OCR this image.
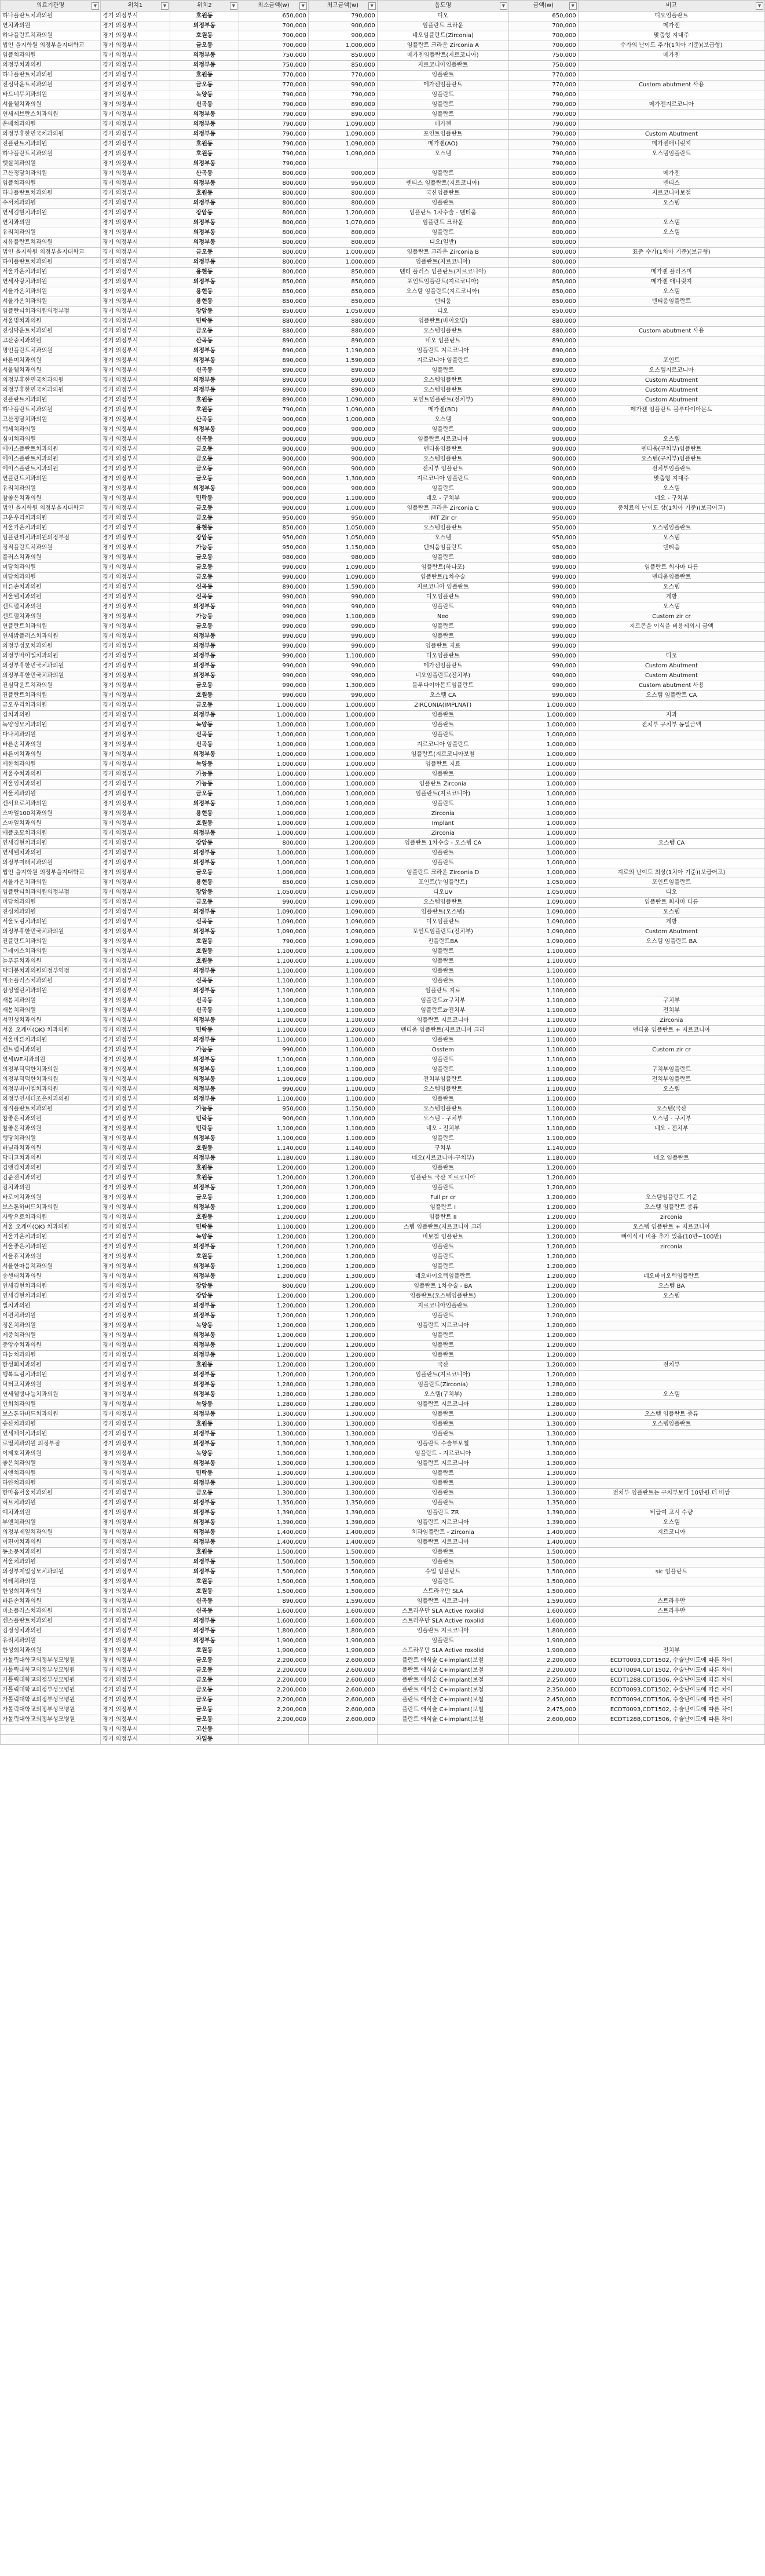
의료기관명 ▼	위치1 ▼	위치2 ▼	최소금액(w) ▼	최고금액(w) ▼	옵도명 ▼	금액(w) ▼	비고 ▼

하나플란트치과의원	경기 의정부시	호원동	650,000	790,000	디오	650,000	디오임플란트
연치과의원	경기 의정부시	의정부동	700,000	900,000	임플란트 크라운	700,000	메가젠
하나플란트치과의원	경기 의정부시	호원동	700,000	900,000	네오임플란트(Zirconia)	700,000	맞춤형 지대주
법인 을지학원 의정부을지대학교	경기 의정부시	금오동	700,000	1,000,000	임플란트 크라운 Zirconia A	700,000	수가의 난이도 추가(1치아 기준)(보급형)
임플치과의원	경기 의정부시	의정부동	750,000	850,000	메가젠임플란트(지르코니아)	750,000	메가젠
의정부치과의원	경기 의정부시	의정부동	750,000	850,000	지르코니아임플란트	750,000	
하나플란트치과의원	경기 의정부시	호원동	770,000	770,000	임플란트	770,000	
진심닥운트치과의원	경기 의정부시	금오동	770,000	990,000	메가젠임플란트	770,000	Custom abutment 사용
바드너무치과의원	경기 의정부시	녹양동	790,000	790,000	임플란트	790,000	
서울웰치과의원	경기 의정부시	신곡동	790,000	890,000	임플란트	790,000	메가젠지르코니아
연세세브란스치과의원	경기 의정부시	의정부동	790,000	890,000	임플란트	790,000	
온베치과의원	경기 의정부시	의정부동	790,000	1,090,000	메가젠	790,000	
의정부휴한민국치과의원	경기 의정부시	의정부동	790,000	1,090,000	포인트임플란트	790,000	Custom Abutment
진플란트치과의원	경기 의정부시	호원동	790,000	1,090,000	메가젠(AO)	790,000	메가젠애니릿지
하나플란트치과의원	경기 의정부시	호원동	790,000	1,090,000	오스템	790,000	오스템임플란트
햇살치과의원	경기 의정부시	의정부동	790,000			790,000	
고산정담치과의원	경기 의정부시	산곡동	800,000	900,000	임플란트	800,000	메가젠
임플치과의원	경기 의정부시	의정부동	800,000	950,000	덴티스 임플란트(지르코니아)	800,000	덴티스
하나플란트치과의원	경기 의정부시	호원동	800,000	800,000	국산임플란트	800,000	지르코니아보철
수서치과의원	경기 의정부시	의정부동	800,000	800,000	임플란트	800,000	오스템
연세김현치과의원	경기 의정부시	장암동	800,000	1,200,000	임플란트 1차수술 - 덴티움	800,000	
연치과의원	경기 의정부시	의정부동	800,000	1,070,000	임플란트 크라운	800,000	오스템
유리치과의원	경기 의정부시	의정부동	800,000	800,000	임플란트	800,000	오스템
지유플란트치과의원	경기 의정부시	의정부동	800,000	800,000	디오(일반)	800,000	
법인 을지학원 의정부을지대학교	경기 의정부시	금오동	800,000	1,000,000	임플란트 크라운 Zirconia B	800,000	표준 수가(1치아 기준)(보급형)
하이플란트치과의원	경기 의정부시	의정부동	800,000	1,000,000	임플란트(지르코니아)	800,000	
서울가온치과의원	경기 의정부시	용현동	800,000	850,000	덴티 플러스 임플란트(지르코니아)	800,000	메가젠 플러즈미
연세사랑치과의원	경기 의정부시	의정부동	850,000	850,000	포인트임플란트(지르코니아)	850,000	메가젠 애니릿지
서울가온치과의원	경기 의정부시	용현동	850,000	850,000	오스템 임플란트(지르코니아)	850,000	오스템
서울가온치과의원	경기 의정부시	용현동	850,000	850,000	덴티움	850,000	덴티움임플란트
임플란티치과의원의정부점	경기 의정부시	장암동	850,000	1,050,000	디오	850,000	
서울빛치과의원	경기 의정부시	민락동	880,000	880,000	임플란트(바이오빛)	880,000	
진심닥운트치과의원	경기 의정부시	금오동	880,000	880,000	오스템임플란트	880,000	Custom abutment 사용
고산중치과의원	경기 의정부시	산곡동	890,000	890,000	네오 임플란트	890,000	
명인플란트치과의원	경기 의정부시	의정부동	890,000	1,190,000	임플란트 지르코니아	890,000	
바른미치과의원	경기 의정부시	의정부동	890,000	1,590,000	지르코니아 임플란트	890,000	포인트
서울웰치과의원	경기 의정부시	신곡동	890,000	890,000	임플란트	890,000	오스템지르코니아
의정부휴한민국치과의원	경기 의정부시	의정부동	890,000	890,000	오스템임플란트	890,000	Custom Abutment
의정부휴한민국치과의원	경기 의정부시	의정부동	890,000	890,000	오스템임플란트	890,000	Custom Abutment
진플란트치과의원	경기 의정부시	호원동	890,000	1,090,000	포인트임플란트(전치부)	890,000	Custom Abutment
하나플란트치과의원	경기 의정부시	호원동	790,000	1,090,000	메가젠(BD)	890,000	메가젠 임플란트 블루다이아몬드
고산정담치과의원	경기 의정부시	산곡동	900,000	1,000,000	오스템	900,000	
백세치과의원	경기 의정부시	의정부동	900,000	900,000	임플란트	900,000	
심미치과의원	경기 의정부시	신곡동	900,000	900,000	임플란트지르코니아	900,000	오스템
에이스플란트치과의원	경기 의정부시	금오동	900,000	900,000	덴티움임플란트	900,000	덴티움(구치부)임플란트
에이스플란트치과의원	경기 의정부시	금오동	900,000	900,000	오스템임플란트	900,000	오스템(구치부)임플란트
에이스플란트치과의원	경기 의정부시	금오동	900,000	900,000	전치부 임플란트	900,000	전치부임플란트
연플란트치과의원	경기 의정부시	금오동	900,000	1,300,000	지르코니아 임플란트	900,000	맞춤형 지대주
유리치과의원	경기 의정부시	의정부동	900,000	900,000	임플란트	900,000	오스템
참좋은치과의원	경기 의정부시	민락동	900,000	1,100,000	네오 - 구치부	900,000	네오 - 구치부
법인 을지학원 의정부을지대학교	경기 의정부시	금오동	900,000	1,000,000	임플란트 크라운 Zirconia C	900,000	중치료의 난이도 상(1치아 기준)(보급어고)
고운우리치과의원	경기 의정부시	금오동	950,000	950,000	IMT Zir cr	950,000	
서울가온치과의원	경기 의정부시	용현동	850,000	1,050,000	오스템임플란트	950,000	오스템임플란트
임플란티치과의원의정부점	경기 의정부시	장암동	950,000	1,050,000	오스템	950,000	오스템
정직플란트치과의원	경기 의정부시	가능동	950,000	1,150,000	덴티움임플란트	950,000	덴티움
플러스치과의원	경기 의정부시	금오동	980,000	980,000	임플란트	980,000	
미담치과의원	경기 의정부시	금오동	990,000	1,090,000	임플란트(하나포)	990,000	임플란트 회사마 다름
미담치과의원	경기 의정부시	금오동	990,000	1,090,000	임플란트(1차수술	990,000	덴티움임플란트
바른손치과의원	경기 의정부시	신곡동	890,000	1,590,000	지르코니아 임플란트	990,000	오스템
서울웰치과의원	경기 의정부시	신곡동	990,000	990,000	디오임플란트	990,000	게방
센트럴치과의원	경기 의정부시	의정부동	990,000	990,000	임플란트	990,000	오스템
센트럴치과의원	경기 의정부시	가능동	990,000	1,100,000	Neo	990,000	Custom zir cr
연플란트치과의원	경기 의정부시	금오동	990,000	990,000	임플란트	990,000	지르콘을 이식을 비용제외시 금액
연세밝플러스치과의원	경기 의정부시	의정부동	990,000	990,000	임플란트	990,000	
의정부성모치과의원	경기 의정부시	의정부동	990,000	990,000	임플란트 지료	990,000	
의정부바이엘치과의원	경기 의정부시	의정부동	990,000	1,100,000	디오임플란트	990,000	디오
의정부휴한민국치과의원	경기 의정부시	의정부동	990,000	990,000	메가젠임플란트	990,000	Custom Abutment
의정부휴한민국치과의원	경기 의정부시	의정부동	990,000	990,000	네오임플란트(전치부)	990,000	Custom Abutment
진심닥운트치과의원	경기 의정부시	금오동	990,000	1,300,000	블루다이아몬드임플란트	990,000	Custom abutment 사용
진플란트치과의원	경기 의정부시	호원동	990,000	990,000	오스템 CA	990,000	오스템 임플란트 CA
금오우리치과의원	경기 의정부시	금오동	1,000,000	1,000,000	ZIRCONIA(IMPLNAT)	1,000,000	
김치과의원	경기 의정부시	의정부동	1,000,000	1,000,000	임플란트	1,000,000	지과
녹양성모치과의원	경기 의정부시	녹양동	1,000,000	1,000,000	임플란트	1,000,000	전치부 구치부 동일금액
다나치과의원	경기 의정부시	신곡동	1,000,000	1,000,000	임플란트	1,000,000	
바른손치과의원	경기 의정부시	신곡동	1,000,000	1,000,000	지르코니아 임플란트	1,000,000	
바른이치과의원	경기 의정부시	의정부동	1,000,000	1,000,000	임플란트(지르코니아보철	1,000,000	
세한치과의원	경기 의정부시	녹양동	1,000,000	1,000,000	임플란트 지료	1,000,000	
서울수치과의원	경기 의정부시	가능동	1,000,000	1,000,000	임플란트	1,000,000	
서울임치과의원	경기 의정부시	가능동	1,000,000	1,000,000	임플란트 Zirconia	1,000,000	
서울치과의원	경기 의정부시	금오동	1,000,000	1,000,000	임플란트(지르코니아)	1,000,000	
센서요로치과의원	경기 의정부시	의정부동	1,000,000	1,000,000	임플란트	1,000,000	
스마일100치과의원	경기 의정부시	용현동	1,000,000	1,000,000	Zirconia	1,000,000	
스마일치과의원	경기 의정부시	호원동	1,000,000	1,000,000	Implant	1,000,000	
애플초모치과의원	경기 의정부시	의정부동	1,000,000	1,000,000	Zirconia	1,000,000	
연세김현치과의원	경기 의정부시	장암동	800,000	1,200,000	임플란트 1차수술 - 오스템 CA	1,000,000	오스템 CA
연세웰치과의원	경기 의정부시	의정부동	1,000,000	1,000,000	임플란트	1,000,000	
의정부미래치과의원	경기 의정부시	의정부동	1,000,000	1,000,000	임플란트	1,000,000	
법인 을지학원 의정부을지대학교	경기 의정부시	금오동	1,000,000	1,000,000	임플란트 크라운 Zirconia D	1,000,000	지료의 난이도 최상(1치아 기준)(보급어고)
서울가온치과의원	경기 의정부시	용현동	850,000	1,050,000	포인트(뉴임플란트)	1,050,000	포인트임플란트
임플란티치과의원의정부점	경기 의정부시	장암동	1,050,000	1,050,000	디오UV	1,050,000	디오
미담치과의원	경기 의정부시	금오동	990,000	1,090,000	오스템임플란트	1,090,000	임플란트 회사마 다름
진심치과의원	경기 의정부시	의정부동	1,090,000	1,090,000	임플란트(오스템)	1,090,000	오스템
서울도림치과의원	경기 의정부시	신곡동	1,090,000	1,090,000	디오임플란트	1,090,000	게방
의정부휴한민국치과의원	경기 의정부시	의정부동	1,090,000	1,090,000	포인트임플란트(전치부)	1,090,000	Custom Abutment
진플란트치과의원	경기 의정부시	호원동	790,000	1,090,000	진플란트BA	1,090,000	오스템 임플란트 BA
그레이스치과의원	경기 의정부시	호원동	1,100,000	1,100,000	임플란트	1,100,000	
늘푸른치과의원	경기 의정부시	호원동	1,100,000	1,100,000	임플란트	1,100,000	
닥터봉치과의원의정부역점	경기 의정부시	의정부동	1,100,000	1,100,000	임플란트	1,100,000	
미소플러스치과의원	경기 의정부시	신곡동	1,100,000	1,100,000	임플란트	1,100,000	
삼성열린치과의원	경기 의정부시	의정부동	1,100,000	1,100,000	임플란트 지료	1,100,000	
새봄치과의원	경기 의정부시	신곡동	1,100,000	1,100,000	임플란트zr구치부	1,100,000	구치부
새봄치과의원	경기 의정부시	신곡동	1,100,000	1,100,000	임플란트zr전치부	1,100,000	전치부
서민성치과의원	경기 의정부시	의정부동	1,100,000	1,100,000	임플란트 지르코니아	1,100,000	Zirconia
서울 오케이(OK) 치과의원	경기 의정부시	민락동	1,100,000	1,200,000	덴티움 임플란트(지르코니아 크라	1,100,000	덴티움 임플란트 + 지르코니아
서울바른치과의원	경기 의정부시	의정부동	1,100,000	1,100,000	임플란트	1,100,000	
센트럴치과의원	경기 의정부시	가능동	990,000	1,100,000	Osstem	1,100,000	Custom zir cr
연세WE치과의원	경기 의정부시	의정부동	1,100,000	1,100,000	임플란트	1,100,000	
의정부덕덕한치과의원	경기 의정부시	의정부동	1,100,000	1,100,000	임플란트	1,100,000	구치부임플란트
의정부덕덕한치과의원	경기 의정부시	의정부동	1,100,000	1,100,000	전치부임플란트	1,100,000	전치부임플란트
의정부바이엘치과의원	경기 의정부시	의정부동	990,000	1,100,000	오스템임플란트	1,100,000	오스템
의정부연세더조은치과의원	경기 의정부시	의정부동	1,100,000	1,100,000	임플란트	1,100,000	
정직플란트치과의원	경기 의정부시	가능동	950,000	1,150,000	오스템임플란트	1,100,000	오스템(국산
참좋은치과의원	경기 의정부시	민락동	900,000	1,100,000	오스템 - 구치부	1,100,000	오스템 - 구치부
참좋은치과의원	경기 의정부시	민락동	1,100,000	1,100,000	네오 - 전치부	1,100,000	네오 - 전치부
행당치과의원	경기 의정부시	의정부동	1,100,000	1,100,000	임플란트	1,100,000	
바닐라치과의원	경기 의정부시	호원동	1,140,000	1,140,000	구치부	1,140,000	
닥터고치과의원	경기 의정부시	의정부동	1,180,000	1,180,000	네오(지르코니아-구치부)	1,180,000	네오 임플란트
김앤김치과의원	경기 의정부시	호원동	1,200,000	1,200,000	임플란트	1,200,000	
김준전치과의원	경기 의정부시	호원동	1,200,000	1,200,000	임플란트 국산 지르코니아	1,200,000	
김치과의원	경기 의정부시	의정부동	1,200,000	1,200,000	임플란트	1,200,000	
바로이치과의원	경기 의정부시	금오동	1,200,000	1,200,000	Full pr cr	1,200,000	오스템임플란트 기준
보스톤하버드치과의원	경기 의정부시	의정부동	1,200,000	1,200,000	임플란트 I	1,200,000	오스템 임플란트 종류
사랑으로치과의원	경기 의정부시	호원동	1,200,000	1,200,000	임플란트 II	1,200,000	zirconia
서울 오케이(OK) 치과의원	경기 의정부시	민락동	1,100,000	1,200,000	스템 임플란트(지르코니아 크라	1,200,000	오스템 임플란트 + 지르코니아
서울가온치과의원	경기 의정부시	녹양동	1,200,000	1,200,000	비보철 임플란트	1,200,000	뼈이식시 비용 추가 있음(10만~100만)
서울좋은치과의원	경기 의정부시	의정부동	1,200,000	1,200,000	임플란트	1,200,000	zirconia
서울휴치과의원	경기 의정부시	호원동	1,200,000	1,200,000	임플란트	1,200,000	
서울한마음치과의원	경기 의정부시	의정부동	1,200,000	1,200,000	임플란트	1,200,000	
송센터치과의원	경기 의정부시	의정부동	1,200,000	1,300,000	네오바이오텍임플란트	1,200,000	네오바이오텍임플란트
연세김현치과의원	경기 의정부시	장암동	800,000	1,200,000	임플란트 1차수술 - BA	1,200,000	오스템 BA
연세김현치과의원	경기 의정부시	장암동	1,200,000	1,200,000	임플란트(오스템임플란트)	1,200,000	오스템
빌치과의원	경기 의정부시	의정부동	1,200,000	1,200,000	지르코니아임플란트	1,200,000	
이편치과의원	경기 의정부시	의정부동	1,200,000	1,200,000	임플란트	1,200,000	
정온치과의원	경기 의정부시	녹양동	1,200,000	1,200,000	임플란트 지르코니아	1,200,000	
제중치과의원	경기 의정부시	의정부동	1,200,000	1,200,000	임플란트	1,200,000	
중앙수치과의원	경기 의정부시	의정부동	1,200,000	1,200,000	임플란트	1,200,000	
하늘치과의원	경기 의정부시	의정부동	1,200,000	1,200,000	임플란트	1,200,000	
한성회치과의원	경기 의정부시	호원동	1,200,000	1,200,000	국산	1,200,000	전치부
행복드림치과의원	경기 의정부시	의정부동	1,200,000	1,200,000	임플란트(지르코니아)	1,200,000	
닥터고치과의원	경기 의정부시	의정부동	1,280,000	1,280,000	임플란트(Zirconia)	1,280,000	
연세웰빙나눔치과의원	경기 의정부시	의정부동	1,280,000	1,280,000	오스템(구치부)	1,280,000	오스템
인희치과의원	경기 의정부시	녹양동	1,280,000	1,280,000	임플란트 지르코니아	1,280,000	
보스톤하버드치과의원	경기 의정부시	의정부동	1,300,000	1,300,000	임플란트	1,300,000	오스템 임플란트 종류
송산치과의원	경기 의정부시	호원동	1,300,000	1,300,000	임플란트	1,300,000	오스템임플란트
연세제이치과의원	경기 의정부시	의정부동	1,300,000	1,300,000	임플란트	1,300,000	
로열치과의원 의정부점	경기 의정부시	의정부동	1,300,000	1,300,000	임플란트 수술부보철	1,300,000	
이제호치과의원	경기 의정부시	녹양동	1,300,000	1,300,000	임플란트 - 지르코니아	1,300,000	
좋은치과의원	경기 의정부시	의정부동	1,300,000	1,300,000	임플란트 지르코니아	1,300,000	
지앤치과의원	경기 의정부시	민락동	1,300,000	1,300,000	임플란트	1,300,000	
하얀치과의원	경기 의정부시	의정부동	1,300,000	1,300,000	임플란트	1,300,000	
한마음서울치과의원	경기 의정부시	금오동	1,300,000	1,300,000	임플란트	1,300,000	전치부 임플란트는 구치부보다 10만원 더 비쌈
허브치과의원	경기 의정부시	의정부동	1,350,000	1,350,000	임플란트	1,350,000	
예치과의원	경기 의정부시	의정부동	1,390,000	1,390,000	임플란트 ZR	1,390,000	비급여 고시 수량
부앤치과의원	경기 의정부시	의정부동	1,390,000	1,390,000	임플란트 지르코니아	1,390,000	오스템
의정부제일치과의원	경기 의정부시	의정부동	1,400,000	1,400,000	치과임플란트 - Zirconia	1,400,000	지르코니아
이편이치과의원	경기 의정부시	의정부동	1,400,000	1,400,000	임플란트 지르코니아	1,400,000	
동소문치과의원	경기 의정부시	호원동	1,500,000	1,500,000	임플란트	1,500,000	
서울치과의원	경기 의정부시	의정부동	1,500,000	1,500,000	임플란트	1,500,000	
의정부제일성모치과의원	경기 의정부시	의정부동	1,500,000	1,500,000	수입 임플란트	1,500,000	sic 임플란트
이레치과의원	경기 의정부시	호원동	1,500,000	1,500,000	임플란트	1,500,000	
한성회치과의원	경기 의정부시	호원동	1,500,000	1,500,000	스트라우만 SLA	1,500,000	
바른손치과의원	경기 의정부시	신곡동	890,000	1,590,000	임플란트 지르코니아	1,590,000	스트라우만
미소플러스치과의원	경기 의정부시	신곡동	1,600,000	1,600,000	스트라우만 SLA Active roxolid	1,600,000	스트라우만
센스플란트치과의원	경기 의정부시	의정부동	1,600,000	1,600,000	스트라우만 SLA Active roxolid	1,600,000	
김정성치과의원	경기 의정부시	의정부동	1,800,000	1,800,000	임플란트 지르코니아	1,800,000	
유리치과의원	경기 의정부시	의정부동	1,900,000	1,900,000	임플란트	1,900,000	
한성회치과의원	경기 의정부시	호원동	1,900,000	1,900,000	스트라우만 SLA Active roxolid	1,900,000	전치부
가톨릭대학교의정부성모병원	경기 의정부시	금오동	2,200,000	2,600,000	플란트 애식술 C+implant(보철	2,200,000	ECDT0093,CDT1502, 수술난이도에 따른 차이
가톨릭대학교의정부성모병원	경기 의정부시	금오동	2,200,000	2,600,000	플란트 애식술 C+implant(보철	2,200,000	ECDT0094,CDT1502, 수술난이도에 따른 차이
가톨릭대학교의정부성모병원	경기 의정부시	금오동	2,200,000	2,600,000	플란트 애식술 C+implant(보철	2,250,000	ECDT1288,CDT1506, 수술난이도에 따른 차이
가톨릭대학교의정부성모병원	경기 의정부시	금오동	2,200,000	2,600,000	플란트 애식술 C+implant(보철	2,350,000	ECDT0093,CDT1502, 수술난이도에 따른 차이
가톨릭대학교의정부성모병원	경기 의정부시	금오동	2,200,000	2,600,000	플란트 애식술 C+implant(보철	2,450,000	ECDT0094,CDT1506, 수술난이도에 따른 차이
가톨릭대학교의정부성모병원	경기 의정부시	금오동	2,200,000	2,600,000	플란트 애식술 C+implant(보철	2,475,000	ECDT0093,CDT1502, 수술난이도에 따른 차이
가톨릭대학교의정부성모병원	경기 의정부시	금오동	2,200,000	2,600,000	플란트 애식술 C+implant(보철	2,600,000	ECDT1288,CDT1506, 수술난이도에 따른 차이
	경기 의정부시	고산동					
	경기 의정부시	자일동					
